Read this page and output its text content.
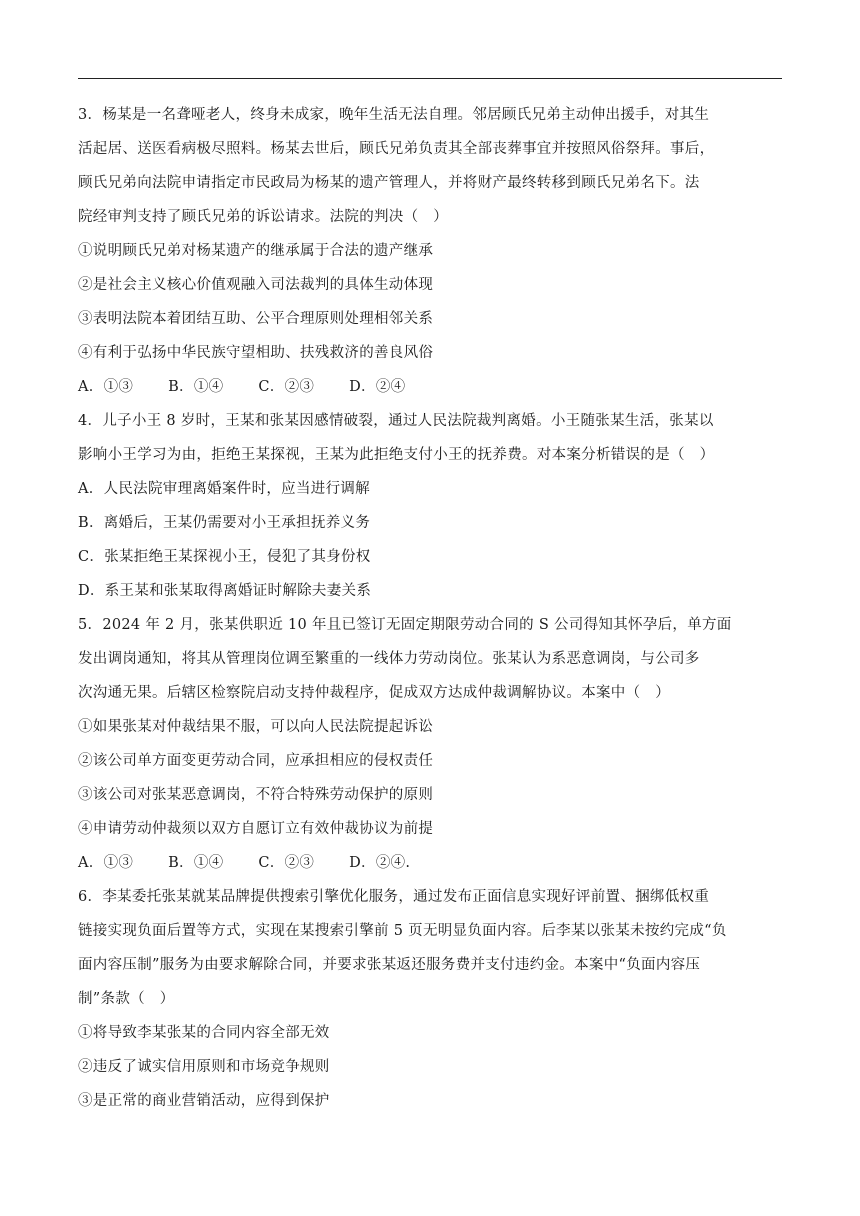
3．杨某是一名聋哑老人，终身未成家，晚年生活无法自理。邻居顾氏兄弟主动伸出援手，对其生
活起居、送医看病极尽照料。杨某去世后，顾氏兄弟负责其全部丧葬事宜并按照风俗祭拜。事后，
顾氏兄弟向法院申请指定市民政局为杨某的遗产管理人，并将财产最终转移到顾氏兄弟名下。法
院经审判支持了顾氏兄弟的诉讼请求。法院的判决（　）
①说明顾氏兄弟对杨某遗产的继承属于合法的遗产继承
②是社会主义核心价值观融入司法裁判的具体生动体现
③表明法院本着团结互助、公平合理原则处理相邻关系
④有利于弘扬中华民族守望相助、扶残救济的善良风俗
A．①③ B．①④ C．②③ D．②④
4．儿子小王 8 岁时，王某和张某因感情破裂，通过人民法院裁判离婚。小王随张某生活，张某以
影响小王学习为由，拒绝王某探视，王某为此拒绝支付小王的抚养费。对本案分析错误的是（　）
A．人民法院审理离婚案件时，应当进行调解
B．离婚后，王某仍需要对小王承担抚养义务
C．张某拒绝王某探视小王，侵犯了其身份权
D．系王某和张某取得离婚证时解除夫妻关系
5．2024 年 2 月，张某供职近 10 年且已签订无固定期限劳动合同的 S 公司得知其怀孕后，单方面
发出调岗通知，将其从管理岗位调至繁重的一线体力劳动岗位。张某认为系恶意调岗，与公司多
次沟通无果。后辖区检察院启动支持仲裁程序，促成双方达成仲裁调解协议。本案中（　）
①如果张某对仲裁结果不服，可以向人民法院提起诉讼
②该公司单方面变更劳动合同，应承担相应的侵权责任
③该公司对张某恶意调岗，不符合特殊劳动保护的原则
④申请劳动仲裁须以双方自愿订立有效仲裁协议为前提
A．①③ B．①④ C．②③ D．②④.
6．李某委托张某就某品牌提供搜索引擎优化服务，通过发布正面信息实现好评前置、捆绑低权重
链接实现负面后置等方式，实现在某搜索引擎前 5 页无明显负面内容。后李某以张某未按约完成“负
面内容压制”服务为由要求解除合同，并要求张某返还服务费并支付违约金。本案中“负面内容压
制”条款（　）
①将导致李某张某的合同内容全部无效
②违反了诚实信用原则和市场竞争规则
③是正常的商业营销活动，应得到保护
